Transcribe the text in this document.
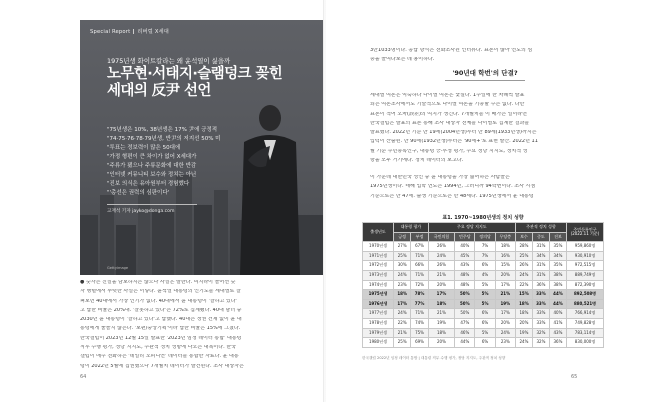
Special Report 리버럴 X세대
1975년생 화이트칼라는 왜 윤석열이 싫을까
노무현·서태지·슬램덩크 꽂힌
세대의 反尹 선언
"75년생은 10%, 38년생은 17% 尹에 긍정적
"74·75·76·78·79년생, 반尹의 저지선 50% 미
"투표는 정보력이 많은 50대에
"가정 형편이 큰 차이가 없어 X세대가
"주류가 됐으나 주류문화에 대한 반감
"인터넷 커뮤니티 보수와 정치는 아닌
"진보 의식은 유아원부터 경험했다
"'총선은 권력의 심판이다'
고재석 기자 jayko@donga.com
Gettyimage
● 숫자는 진실을 담보하지는 않으나 사실은 말한다. 여지라이 들어선 숫
자 행렬에서 뚜렷한 사실은 이렇다. 윤석열 대통령의 인기도를 세대별로 살
펴보면 40대에서 가장 인기가 없다. 40대에서 윤 대통령이 '잘하고 있다'
고 답한 비율은 20%대. '잘못하고 있다'는 72%로 집계됐다. 40대 남녀 중
2030년 윤 대통령이 '잘하고 있다'고 답했다. 40대는 정권 견제 없이 윤 대
통령에게 물들지 않는다. '보편/중앙기획'이라 답한 비율은 15%에 그쳤다.
한국갤럽이 2023년 12월 15일 발표한 '2023년 임정 데이터 통합' 대통령
직무 수행 평가, 정당 지지도, 주관적 정치 성향에 나오는 대목이다. 한국
갤럽이 매주 전화하는 '데일리 오피니언' 데이터를 통합한 자료다. 윤 대통
령이 2022년 5월에 집권했으나 7개월치 데이터가 발견된다. 조사 대상자는
64
3만1033명이다. 응답 방식은 전화조사원 인터뷰다. 표본이 많아 연도의 심
층을 들여다보는 데 용이하다.
'90년대 학번'의 단결?
세대별 여론은 익숙하다 나이별 여론은 낯설다. 1주일에 한 차례씩 발표
되는 여론조사에서도 기술적으로 나이별 여론을 기능할 수는 없다. 다만
표본이 적어 오차(誤差)의 여지가 생긴다. 7개월치를 이 배가는 일이라면
한국갤럽은 발표의 표본 통해 조사 대상자 전체를 나이별로 집계한 결과를
발표했다. 2022년 기준 만 19세(2004년생)부터 만 89세(1933년생)까지는
입력이 산출된. 만 90세(1932년생)부터는 '90세+'로 표현 발간. 2022년 11
월 기준 주민등록인구, 대통령 긍·부정 평가, 주요 정당 지지도, 정치적 성
향을 모두 거기에다. 정치 데이터의 보고다.
이 가운데 대한민국 성인 중 윤 대통령을 가장 싫어하는 사람들은
1975년생이다. 태해 입학 연도는 1994년, 그러니까 94학번이다. 조사 시점
기준으로는 만 47세. 출생 기준으로는 만 48세다. 1975년생에서 윤 대통령
표1. 1970~1980년생의 정치 성향
출생년도	대통령 평가		주요 정당 지지도				주관적 정치 성향			주민등록인구 (2022.11 기준)
	긍정	부정	국민의힘	민주당	정의당	무당층	보수	중도	진보	
1970년생	27%	67%	26%	40%	7%	18%	28%	31%	35%	959,860명
1971년생	25%	71%	24%	45%	7%	16%	25%	34%	34%	930,910명
1972년생	30%	66%	26%	43%	6%	15%	26%	31%	35%	972,515명
1973년생	24%	71%	21%	48%	4%	20%	24%	31%	38%	889,749명
1974년생	23%	72%	20%	48%	5%	17%	22%	36%	38%	872,390명
1975년생	18%	78%	17%	50%	5%	21%	15%	33%	44%	892,508명
1976년생	17%	77%	18%	50%	5%	19%	18%	33%	44%	880,521명
1977년생	24%	71%	21%	50%	6%	17%	18%	33%	40%	766,914명
1978년생	22%	74%	19%	47%	6%	20%	20%	33%	41%	749,828명
1979년생	21%	75%	18%	46%	5%	24%	19%	32%	43%	783,114명
1980년생	25%	69%	20%	44%	6%	23%	24%	32%	36%	830,000명
한국갤럽 2022년 임정 데이터 통합 | 대통령 직무 수행 평가, 정당 지지도, 주관적 정치 성향
65
